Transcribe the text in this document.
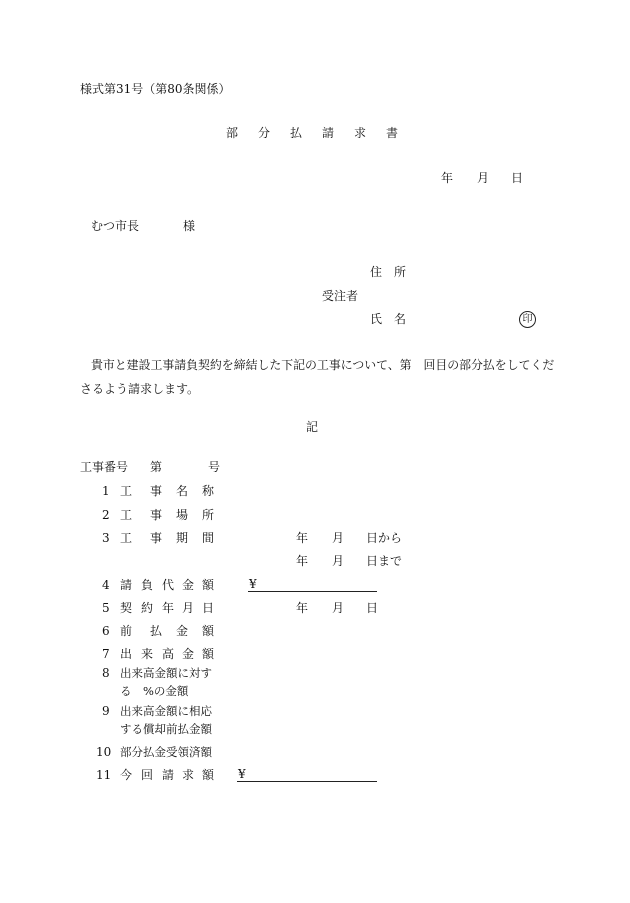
様式第31号（第80条関係）
部 分 払 請 求 書
年 月 日
むつ市長	様
住 所
受注者
氏 名	印
貴市と建設工事請負契約を締結した下記の工事について、第　回目の部分払をしてくだ
さるよう請求します。
記
工事番号 第	号
1 工 事 名 称
2 工 事 場 所
3 工 事 期 間	年 月 日から
年 月 日まで
4 請 負 代 金 額	¥
5 契 約 年 月 日	年 月 日
6 前 払 金 額
7 出 来 高 金 額
8 出来高金額に対す
る　%の金額
9 出来高金額に相応
する償却前払金額
10 部分払金受領済額
11 今 回 請 求 額 ¥
